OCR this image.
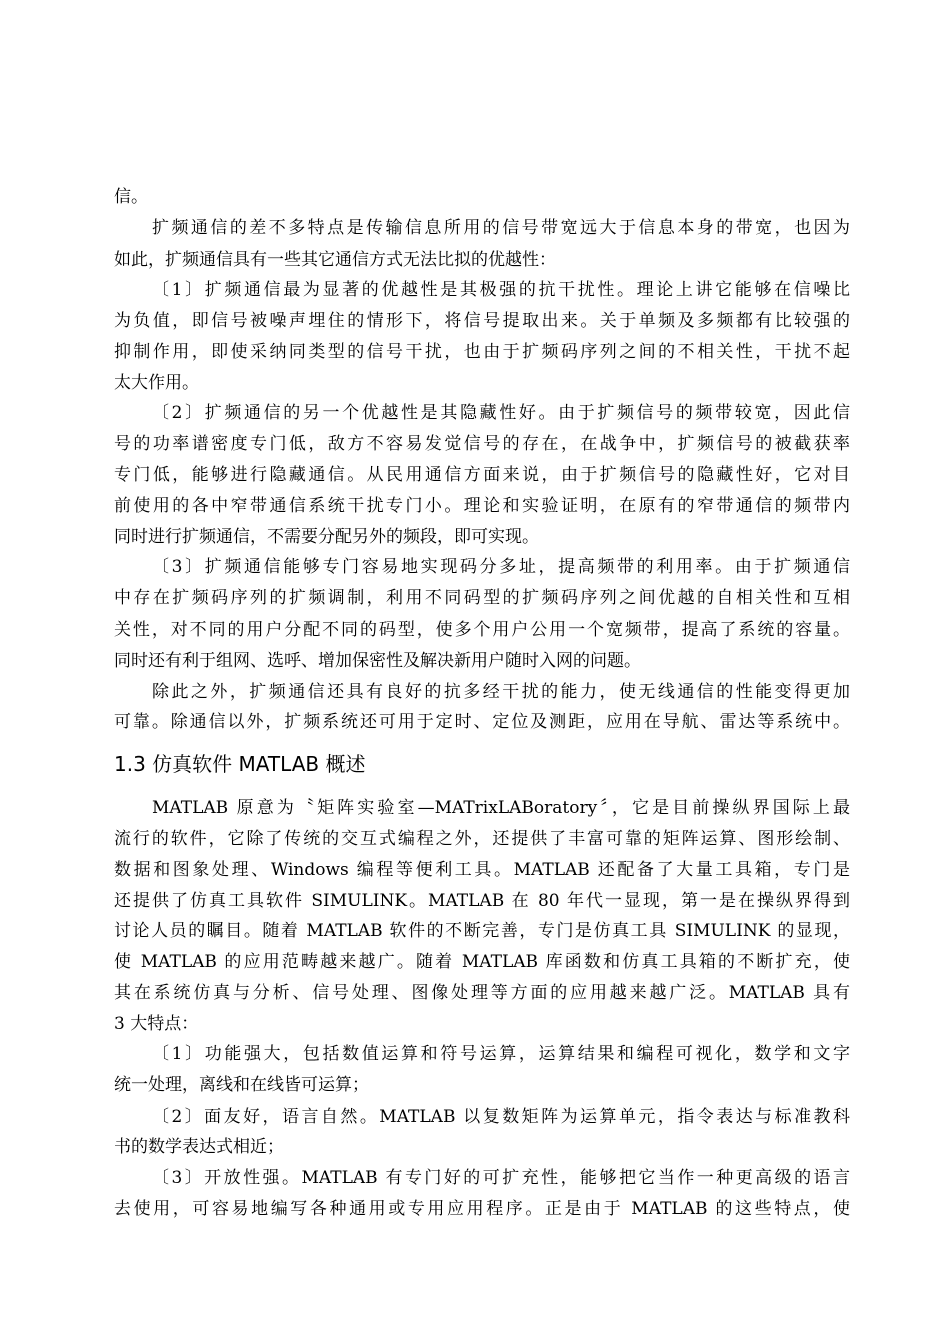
信。
扩频通信的差不多特点是传输信息所用的信号带宽远大于信息本身的带宽，也因为
如此，扩频通信具有一些其它通信方式无法比拟的优越性：
〔1〕扩频通信最为显著的优越性是其极强的抗干扰性。理论上讲它能够在信噪比
为负值，即信号被噪声埋住的情形下，将信号提取出来。关于单频及多频都有比较强的
抑制作用，即使采纳同类型的信号干扰，也由于扩频码序列之间的不相关性，干扰不起
太大作用。
〔2〕扩频通信的另一个优越性是其隐藏性好。由于扩频信号的频带较宽，因此信
号的功率谱密度专门低，敌方不容易发觉信号的存在，在战争中，扩频信号的被截获率
专门低，能够进行隐藏通信。从民用通信方面来说，由于扩频信号的隐藏性好，它对目
前使用的各中窄带通信系统干扰专门小。理论和实验证明，在原有的窄带通信的频带内
同时进行扩频通信，不需要分配另外的频段，即可实现。
〔3〕扩频通信能够专门容易地实现码分多址，提高频带的利用率。由于扩频通信
中存在扩频码序列的扩频调制，利用不同码型的扩频码序列之间优越的自相关性和互相
关性，对不同的用户分配不同的码型，使多个用户公用一个宽频带，提高了系统的容量。
同时还有利于组网、选呼、增加保密性及解决新用户随时入网的问题。
除此之外，扩频通信还具有良好的抗多经干扰的能力，使无线通信的性能变得更加
可靠。除通信以外，扩频系统还可用于定时、定位及测距，应用在导航、雷达等系统中。
1.3 仿真软件 MATLAB 概述
MATLAB 原意为〝矩阵实验室—MATrixLABoratory〞，它是目前操纵界国际上最
流行的软件，它除了传统的交互式编程之外，还提供了丰富可靠的矩阵运算、图形绘制、
数据和图象处理、Windows 编程等便利工具。MATLAB 还配备了大量工具箱，专门是
还提供了仿真工具软件 SIMULINK。MATLAB 在 80 年代一显现，第一是在操纵界得到
讨论人员的瞩目。随着 MATLAB 软件的不断完善，专门是仿真工具 SIMULINK 的显现，
使 MATLAB 的应用范畴越来越广。随着 MATLAB 库函数和仿真工具箱的不断扩充，使
其在系统仿真与分析、信号处理、图像处理等方面的应用越来越广泛。MATLAB 具有
3 大特点：
〔1〕功能强大，包括数值运算和符号运算，运算结果和编程可视化，数学和文字
统一处理，离线和在线皆可运算；
〔2〕面友好，语言自然。MATLAB 以复数矩阵为运算单元，指令表达与标准教科
书的数学表达式相近；
〔3〕开放性强。MATLAB 有专门好的可扩充性，能够把它当作一种更高级的语言
去使用，可容易地编写各种通用或专用应用程序。正是由于 MATLAB 的这些特点，使
